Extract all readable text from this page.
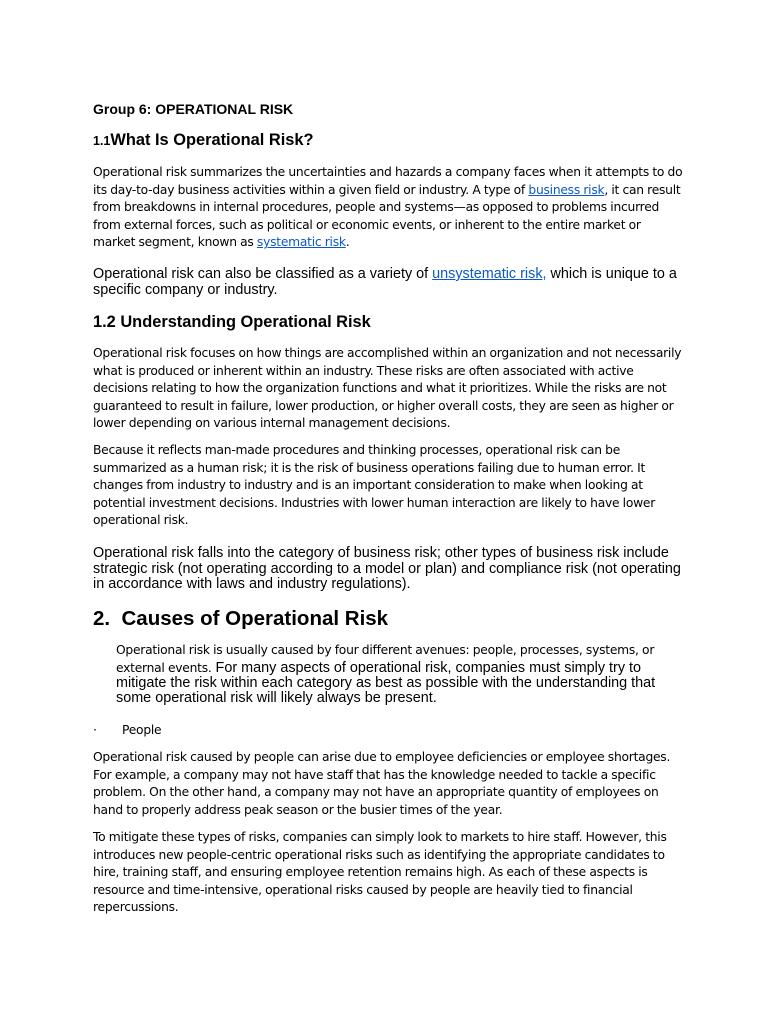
Group 6: OPERATIONAL RISK
1.1What Is Operational Risk?

Operational risk summarizes the uncertainties and hazards a company faces when it attempts to do

its day-to-day business activities within a given field or industry. A type of business risk, it can result

from breakdowns in internal procedures, people and systems—as opposed to problems incurred

from external forces, such as political or economic events, or inherent to the entire market or

market segment, known as systematic risk.

Operational risk can also be classified as a variety of unsystematic risk, which is unique to a

specific company or industry.

1.2 Understanding Operational Risk

Operational risk focuses on how things are accomplished within an organization and not necessarily

what is produced or inherent within an industry. These risks are often associated with active

decisions relating to how the organization functions and what it prioritizes. While the risks are not

guaranteed to result in failure, lower production, or higher overall costs, they are seen as higher or

lower depending on various internal management decisions.

Because it reflects man-made procedures and thinking processes, operational risk can be

summarized as a human risk; it is the risk of business operations failing due to human error. It

changes from industry to industry and is an important consideration to make when looking at

potential investment decisions. Industries with lower human interaction are likely to have lower

operational risk.

Operational risk falls into the category of business risk; other types of business risk include

strategic risk (not operating according to a model or plan) and compliance risk (not operating

in accordance with laws and industry regulations).

2.  Causes of Operational Risk
Operational risk is usually caused by four different avenues: people, processes, systems, or
external events. For many aspects of operational risk, companies must simply try to
mitigate the risk within each category as best as possible with the understanding that
some operational risk will likely always be present.
· People

Operational risk caused by people can arise due to employee deficiencies or employee shortages.

For example, a company may not have staff that has the knowledge needed to tackle a specific

problem. On the other hand, a company may not have an appropriate quantity of employees on

hand to properly address peak season or the busier times of the year.

To mitigate these types of risks, companies can simply look to markets to hire staff. However, this

introduces new people-centric operational risks such as identifying the appropriate candidates to

hire, training staff, and ensuring employee retention remains high. As each of these aspects is

resource and time-intensive, operational risks caused by people are heavily tied to financial

repercussions.
